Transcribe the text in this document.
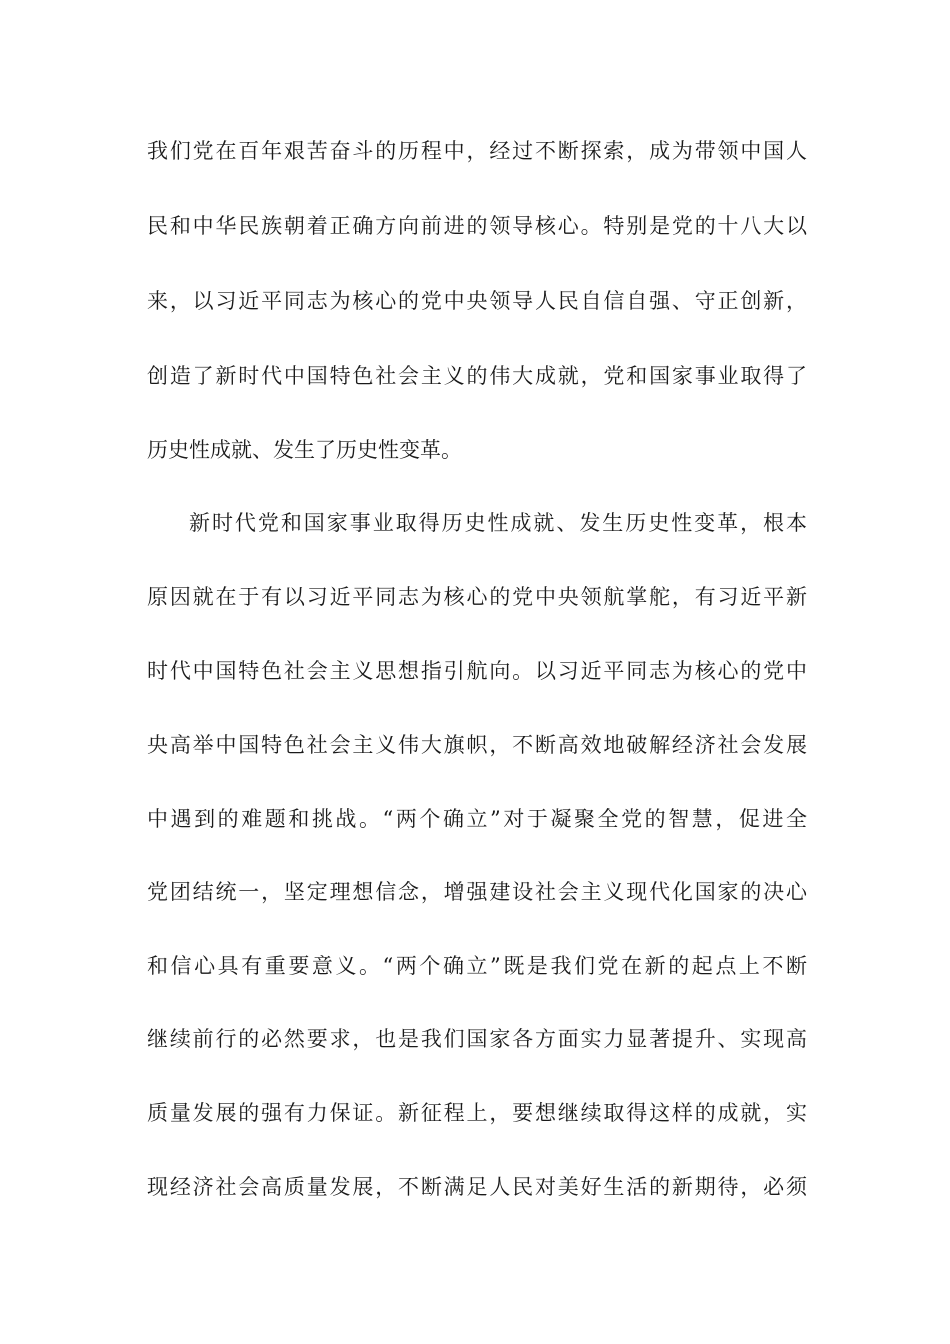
我们党在百年艰苦奋斗的历程中，经过不断探索，成为带领中国人
民和中华民族朝着正确方向前进的领导核心。特别是党的十八大以
来，以习近平同志为核心的党中央领导人民自信自强、守正创新，
创造了新时代中国特色社会主义的伟大成就，党和国家事业取得了
历史性成就、发生了历史性变革。
新时代党和国家事业取得历史性成就、发生历史性变革，根本
原因就在于有以习近平同志为核心的党中央领航掌舵，有习近平新
时代中国特色社会主义思想指引航向。以习近平同志为核心的党中
央高举中国特色社会主义伟大旗帜，不断高效地破解经济社会发展
中遇到的难题和挑战。“两个确立”对于凝聚全党的智慧，促进全
党团结统一，坚定理想信念，增强建设社会主义现代化国家的决心
和信心具有重要意义。“两个确立”既是我们党在新的起点上不断
继续前行的必然要求，也是我们国家各方面实力显著提升、实现高
质量发展的强有力保证。新征程上，要想继续取得这样的成就，实
现经济社会高质量发展，不断满足人民对美好生活的新期待，必须
